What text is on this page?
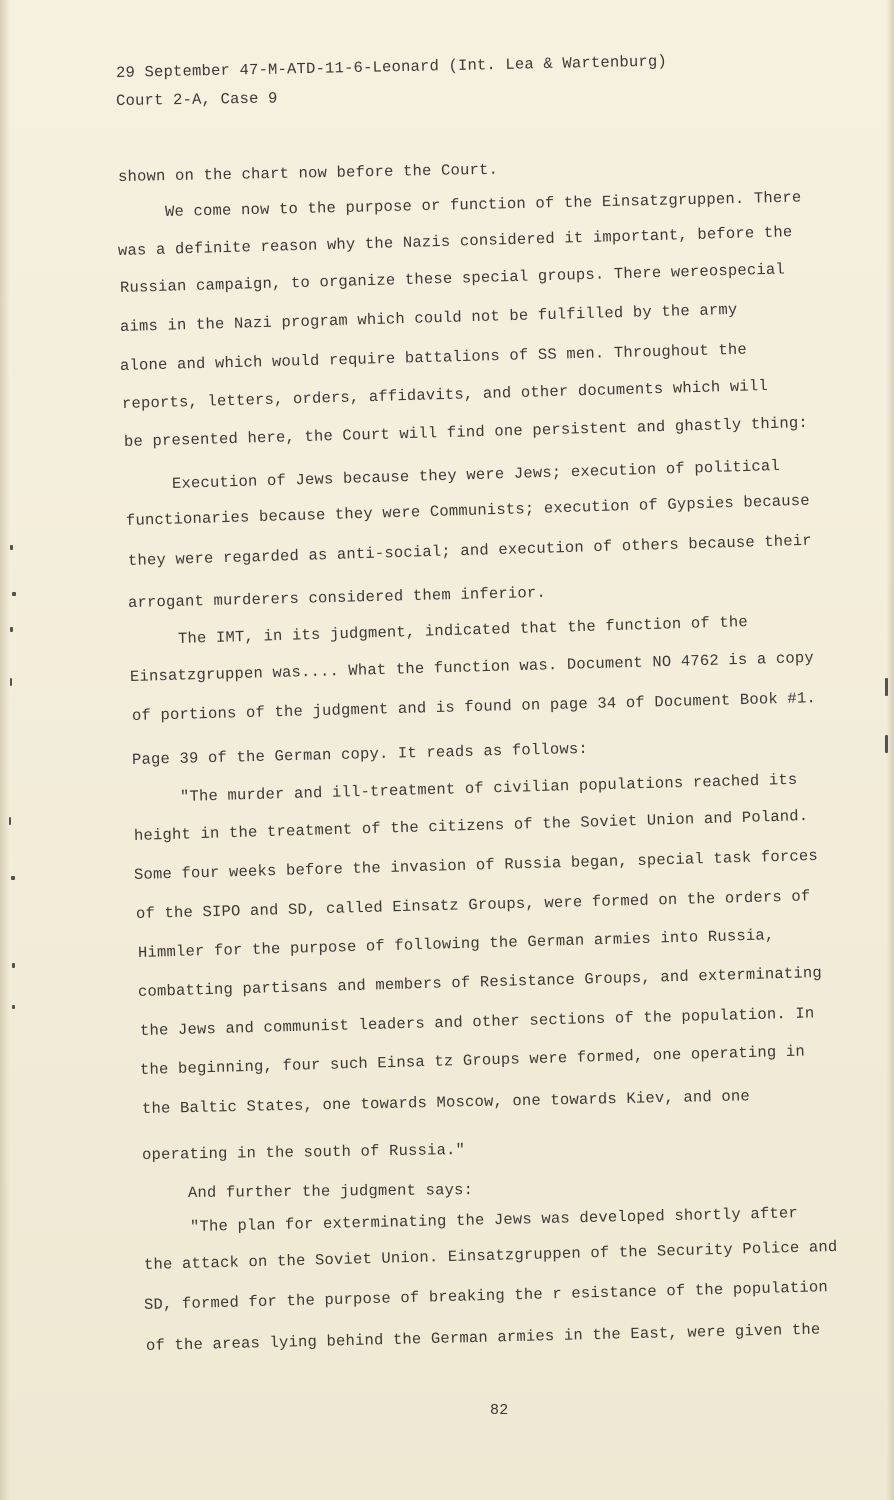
29 September 47-M-ATD-11-6-Leonard (Int. Lea & Wartenburg)
Court 2-A, Case 9
shown on the chart now before the Court.
We come now to the purpose or function of the Einsatzgruppen. There
was a definite reason why the Nazis considered it important, before the
Russian campaign, to organize these special groups. There wereospecial
aims in the Nazi program which could not be fulfilled by the army
alone and which would require battalions of SS men. Throughout the
reports, letters, orders, affidavits, and other documents which will
be presented here, the Court will find one persistent and ghastly thing:
Execution of Jews because they were Jews; execution of political
functionaries because they were Communists; execution of Gypsies because
they were regarded as anti-social; and execution of others because their
arrogant murderers considered them inferior.
The IMT, in its judgment, indicated that the function of the
Einsatzgruppen was.... What the function was. Document NO 4762 is a copy
of portions of the judgment and is found on page 34 of Document Book #1.
Page 39 of the German copy. It reads as follows:
"The murder and ill-treatment of civilian populations reached its
height in the treatment of the citizens of the Soviet Union and Poland.
Some four weeks before the invasion of Russia began, special task forces
of the SIPO and SD, called Einsatz Groups, were formed on the orders of
Himmler for the purpose of following the German armies into Russia,
combatting partisans and members of Resistance Groups, and exterminating
the Jews and communist leaders and other sections of the population. In
the beginning, four such Einsa tz Groups were formed, one operating in
the Baltic States, one towards Moscow, one towards Kiev, and one
operating in the south of Russia."
And further the judgment says:
"The plan for exterminating the Jews was developed shortly after
the attack on the Soviet Union. Einsatzgruppen of the Security Police and
SD, formed for the purpose of breaking the r esistance of the population
of the areas lying behind the German armies in the East, were given the
82
